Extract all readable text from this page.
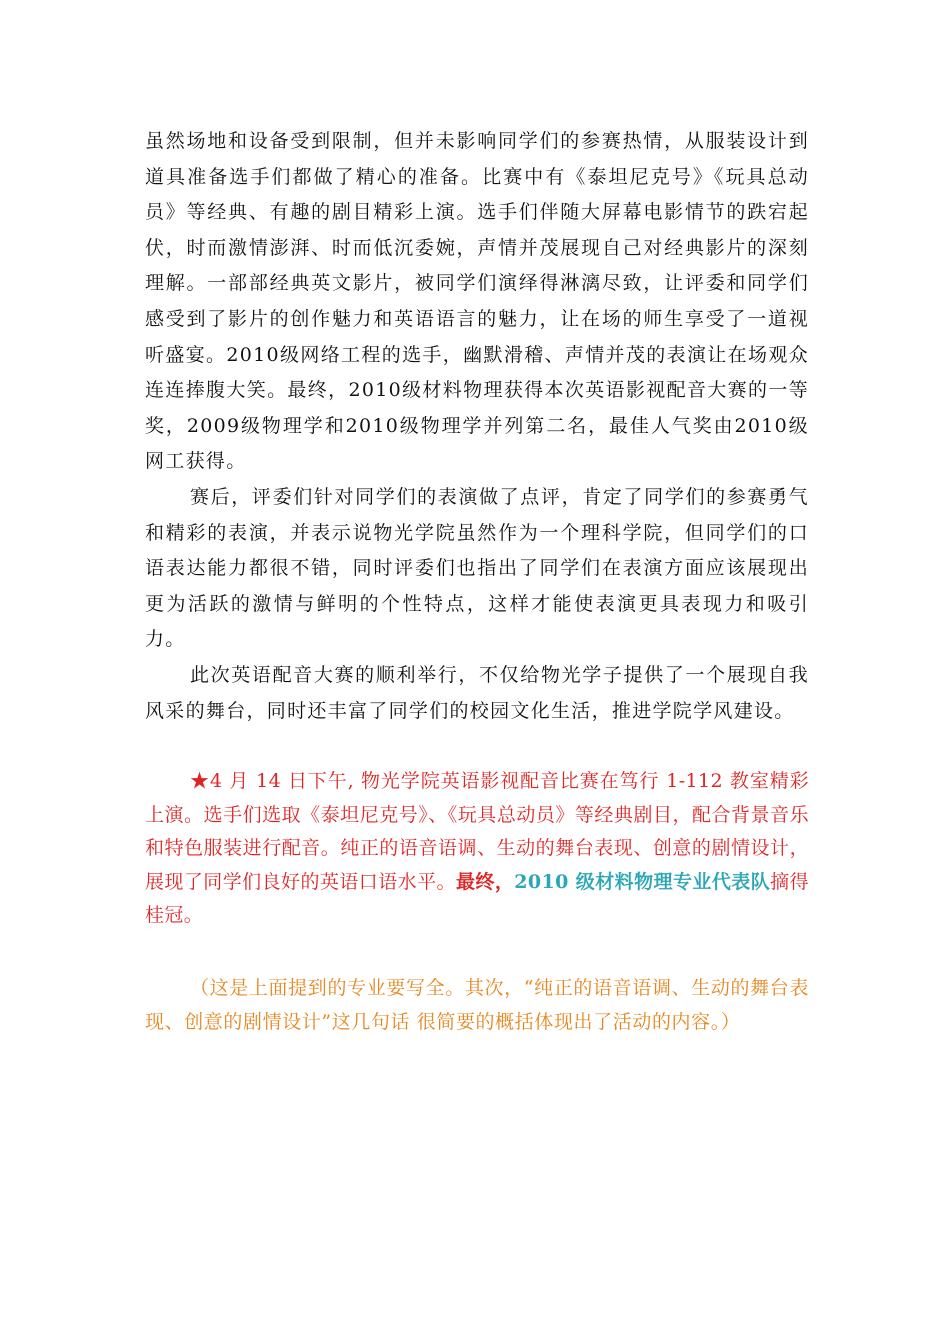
虽然场地和设备受到限制，但并未影响同学们的参赛热情，从服装设计到道具准备选手们都做了精心的准备。比赛中有《泰坦尼克号》《玩具总动员》等经典、有趣的剧目精彩上演。选手们伴随大屏幕电影情节的跌宕起伏，时而激情澎湃、时而低沉委婉，声情并茂展现自己对经典影片的深刻理解。一部部经典英文影片，被同学们演绎得淋漓尽致，让评委和同学们感受到了影片的创作魅力和英语语言的魅力，让在场的师生享受了一道视听盛宴。2010级网络工程的选手，幽默滑稽、声情并茂的表演让在场观众连连捧腹大笑。最终，2010级材料物理获得本次英语影视配音大赛的一等奖，2009级物理学和2010级物理学并列第二名，最佳人气奖由2010级网工获得。

赛后，评委们针对同学们的表演做了点评，肯定了同学们的参赛勇气和精彩的表演，并表示说物光学院虽然作为一个理科学院，但同学们的口语表达能力都很不错，同时评委们也指出了同学们在表演方面应该展现出更为活跃的激情与鲜明的个性特点，这样才能使表演更具表现力和吸引力。

此次英语配音大赛的顺利举行，不仅给物光学子提供了一个展现自我风采的舞台，同时还丰富了同学们的校园文化生活，推进学院学风建设。

★4 月 14 日下午, 物光学院英语影视配音比赛在笃行 1-112 教室精彩上演。选手们选取《泰坦尼克号》、《玩具总动员》等经典剧目，配合背景音乐和特色服装进行配音。纯正的语音语调、生动的舞台表现、创意的剧情设计，展现了同学们良好的英语口语水平。最终，2010 级材料物理专业代表队摘得桂冠。

（这是上面提到的专业要写全。其次，“纯正的语音语调、生动的舞台表现、创意的剧情设计”这几句话 很简要的概括体现出了活动的内容。）
